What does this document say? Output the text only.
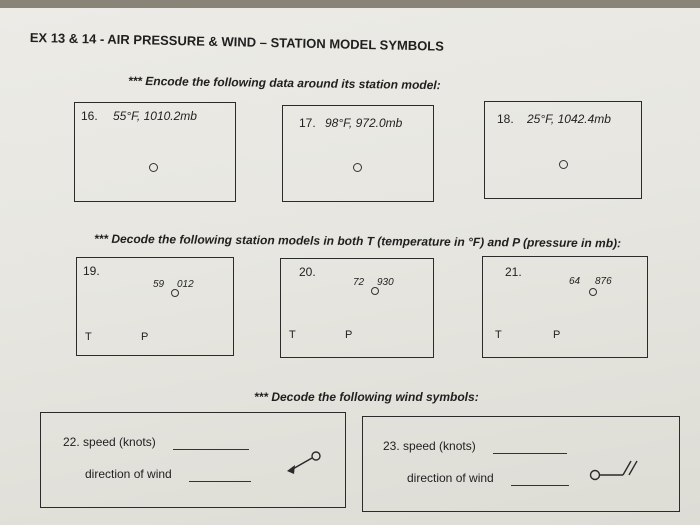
EX 13 & 14 - AIR PRESSURE & WIND – STATION MODEL SYMBOLS
*** Encode the following data around its station model:
16. 55°F, 1010.2mb	17. 98°F, 972.0mb	18. 25°F, 1042.4mb
*** Decode the following station models in both T (temperature in °F) and P (pressure in mb):
19.
59 012
T	P
20.
72 930
T	P
21.
64 876
T	P
*** Decode the following wind symbols:
22. speed (knots)
direction of wind
23. speed (knots)
direction of wind
